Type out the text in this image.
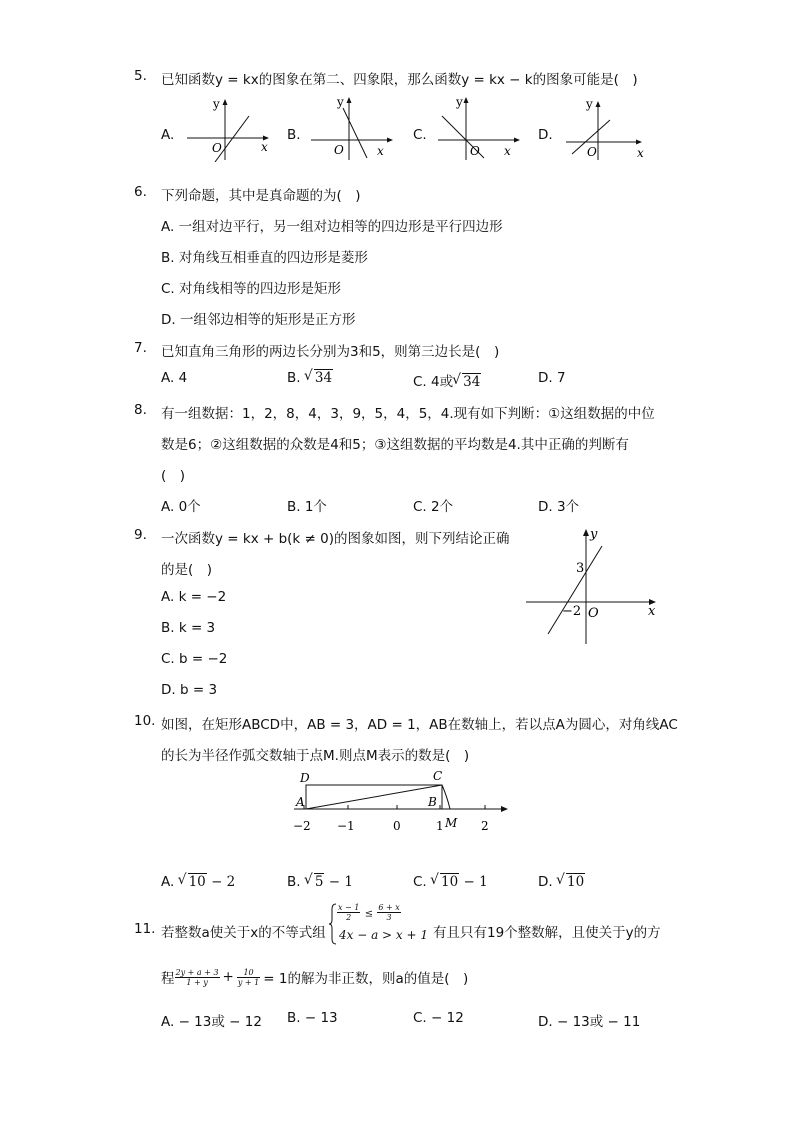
5. 已知函数y = kx的图象在第二、四象限，那么函数y = kx − k的图象可能是(　)
A.
y
x
O
B.
y
x
O
C.
y
x
O
D.
y
x
O
6. 下列命题，其中是真命题的为(　)
A. 一组对边平行，另一组对边相等的四边形是平行四边形
B. 对角线互相垂直的四边形是菱形
C. 对角线相等的四边形是矩形
D. 一组邻边相等的矩形是正方形
7. 已知直角三角形的两边长分别为3和5，则第三边长是(　)
A. 4	B. √ 34	C. 4或 √ 34	D. 7
8. 有一组数据：1，2，8，4，3，9，5，4，5，4.现有如下判断：①这组数据的中位
数是6；②这组数据的众数是4和5；③这组数据的平均数是4.其中正确的判断有
(　)
A. 0个	B. 1个	C. 2个	D. 3个
9. 一次函数y = kx + b(k ≠ 0)的图象如图，则下列结论正确
的是(　)
A. k = −2
B. k = 3
C. b = −2
D. b = 3
y
x
O
3
−2
10. 如图，在矩形ABCD中，AB = 3，AD = 1，AB在数轴上，若以点A为圆心，对角线AC
的长为半径作弧交数轴于点M.则点M表示的数是(　)
D	C
A	B
M
−2 −1	0	1	2
A. √ 10 − 2	B. √ 5 − 1	C. √ 10 − 1	D. √ 10
11. 若整数a使关于x的不等式组
$\frac{x - 1}{2} \le \frac{6 + x}{3}$
4x − a > x + 1 有且只有19个整数解，且使关于y的方
程 $\frac{2y + a + 3}{1 + y} + \frac{10}{y + 1} = 1$的解为非正数，则a的值是(　)
A. − 13或 − 12 B. − 13	C. − 12	D. − 13或 − 11
